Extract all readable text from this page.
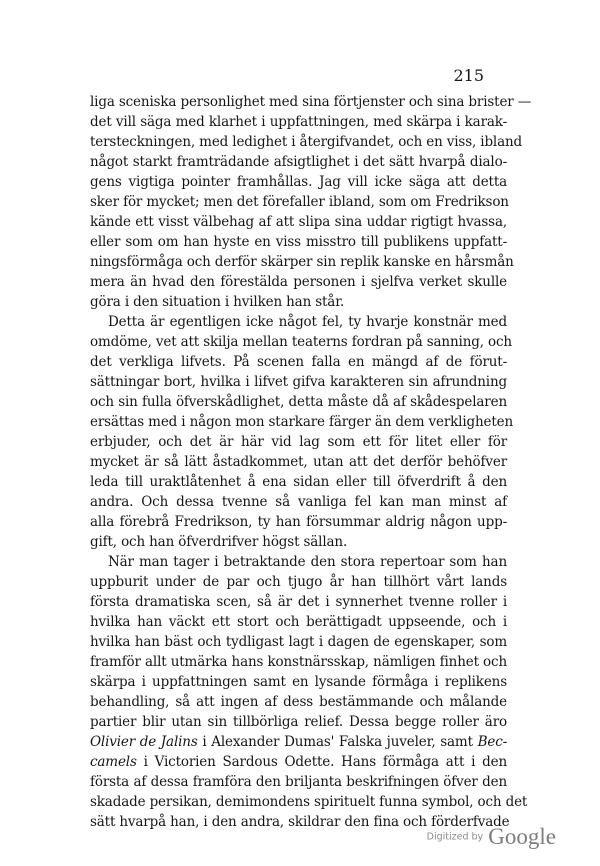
215
liga sceniska personlighet med sina förtjenster och sina brister —
det vill säga med klarhet i uppfattningen, med skärpa i karak-
tersteckningen, med ledighet i återgifvandet, och en viss, ibland
något starkt framträdande afsigtlighet i det sätt hvarpå dialo-
gens vigtiga pointer framhållas. Jag vill icke säga att detta
sker för mycket; men det förefaller ibland, som om Fredrikson
kände ett visst välbehag af att slipa sina uddar rigtigt hvassa,
eller som om han hyste en viss misstro till publikens uppfatt-
ningsförmåga och derför skärper sin replik kanske en hårsmån
mera än hvad den förestälda personen i sjelfva verket skulle
göra i den situation i hvilken han står.
Detta är egentligen icke något fel, ty hvarje konstnär med
omdöme, vet att skilja mellan teaterns fordran på sanning, och
det verkliga lifvets. På scenen falla en mängd af de förut-
sättningar bort, hvilka i lifvet gifva karakteren sin afrundning
och sin fulla öfverskådlighet, detta måste då af skådespelaren
ersättas med i någon mon starkare färger än dem verkligheten
erbjuder, och det är här vid lag som ett för litet eller för
mycket är så lätt åstadkommet, utan att det derför behöfver
leda till uraktlåtenhet å ena sidan eller till öfverdrift å den
andra. Och dessa tvenne så vanliga fel kan man minst af
alla förebrå Fredrikson, ty han försummar aldrig någon upp-
gift, och han öfverdrifver högst sällan.
När man tager i betraktande den stora repertoar som han
uppburit under de par och tjugo år han tillhört vårt lands
första dramatiska scen, så är det i synnerhet tvenne roller i
hvilka han väckt ett stort och berättigadt uppseende, och i
hvilka han bäst och tydligast lagt i dagen de egenskaper, som
framför allt utmärka hans konstnärsskap, nämligen finhet och
skärpa i uppfattningen samt en lysande förmåga i replikens
behandling, så att ingen af dess bestämmande och målande
partier blir utan sin tillbörliga relief. Dessa begge roller äro
Olivier de Jalins i Alexander Dumas' Falska juveler, samt Bec-
camels i Victorien Sardous Odette. Hans förmåga att i den
första af dessa framföra den briljanta beskrifningen öfver den
skadade persikan, demimondens spirituelt funna symbol, och det
sätt hvarpå han, i den andra, skildrar den fina och förderfvade
Digitized by Google
